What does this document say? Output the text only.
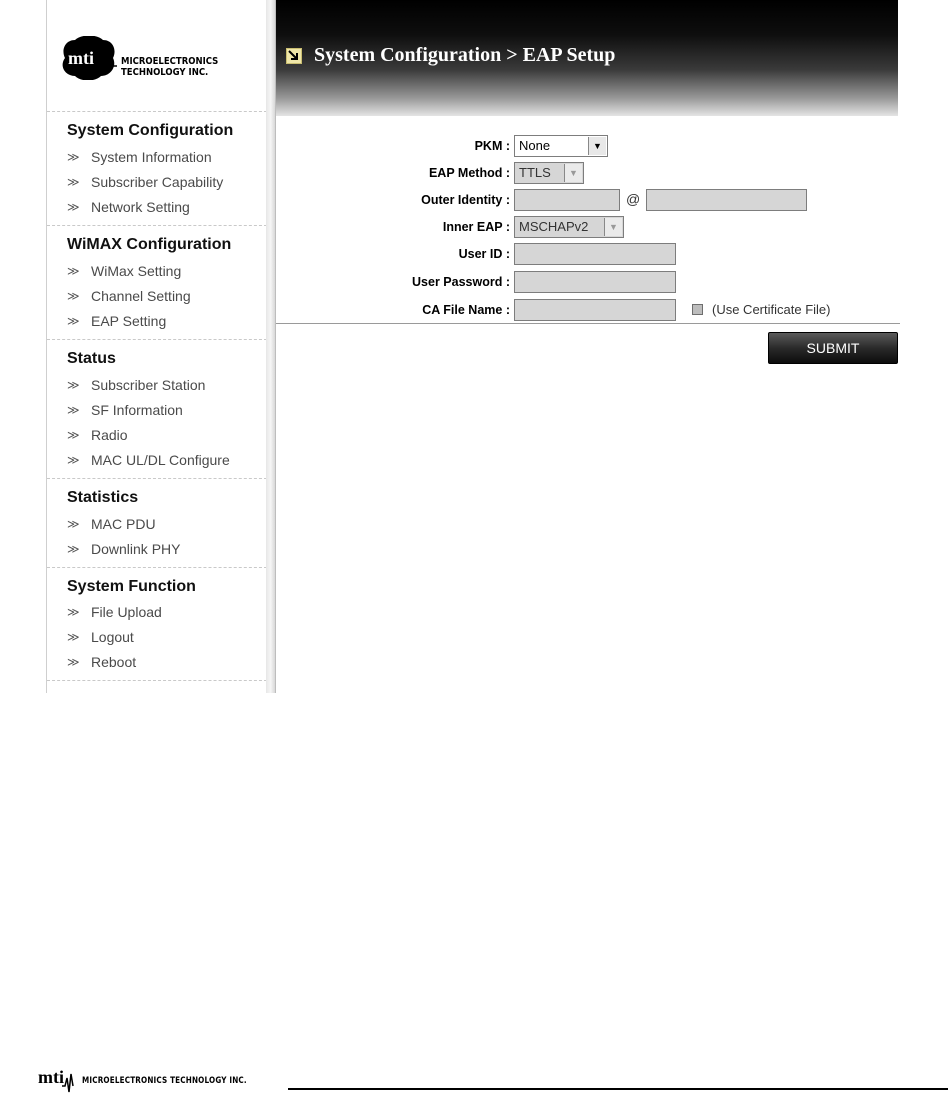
mti	MICROELECTRONICS
TECHNOLOGY INC.
System Configuration
≫ System Information
≫ Subscriber Capability
≫ Network Setting
WiMAX Configuration
≫ WiMax Setting
≫ Channel Setting
≫ EAP Setting
Status
≫ Subscriber Station
≫ SF Information
≫ Radio
≫ MAC UL/DL Configure
Statistics
≫ MAC PDU
≫ Downlink PHY
System Function
≫ File Upload
≫ Logout
≫ Reboot
System Configuration > EAP Setup
PKM : None	▼
EAP Method : TTLS	▼
Outer Identity :	@
Inner EAP : MSCHAPv2	▼
User ID :
User Password :
CA File Name :	(Use Certificate File)
SUBMIT
mti MICROELECTRONICS TECHNOLOGY INC.
